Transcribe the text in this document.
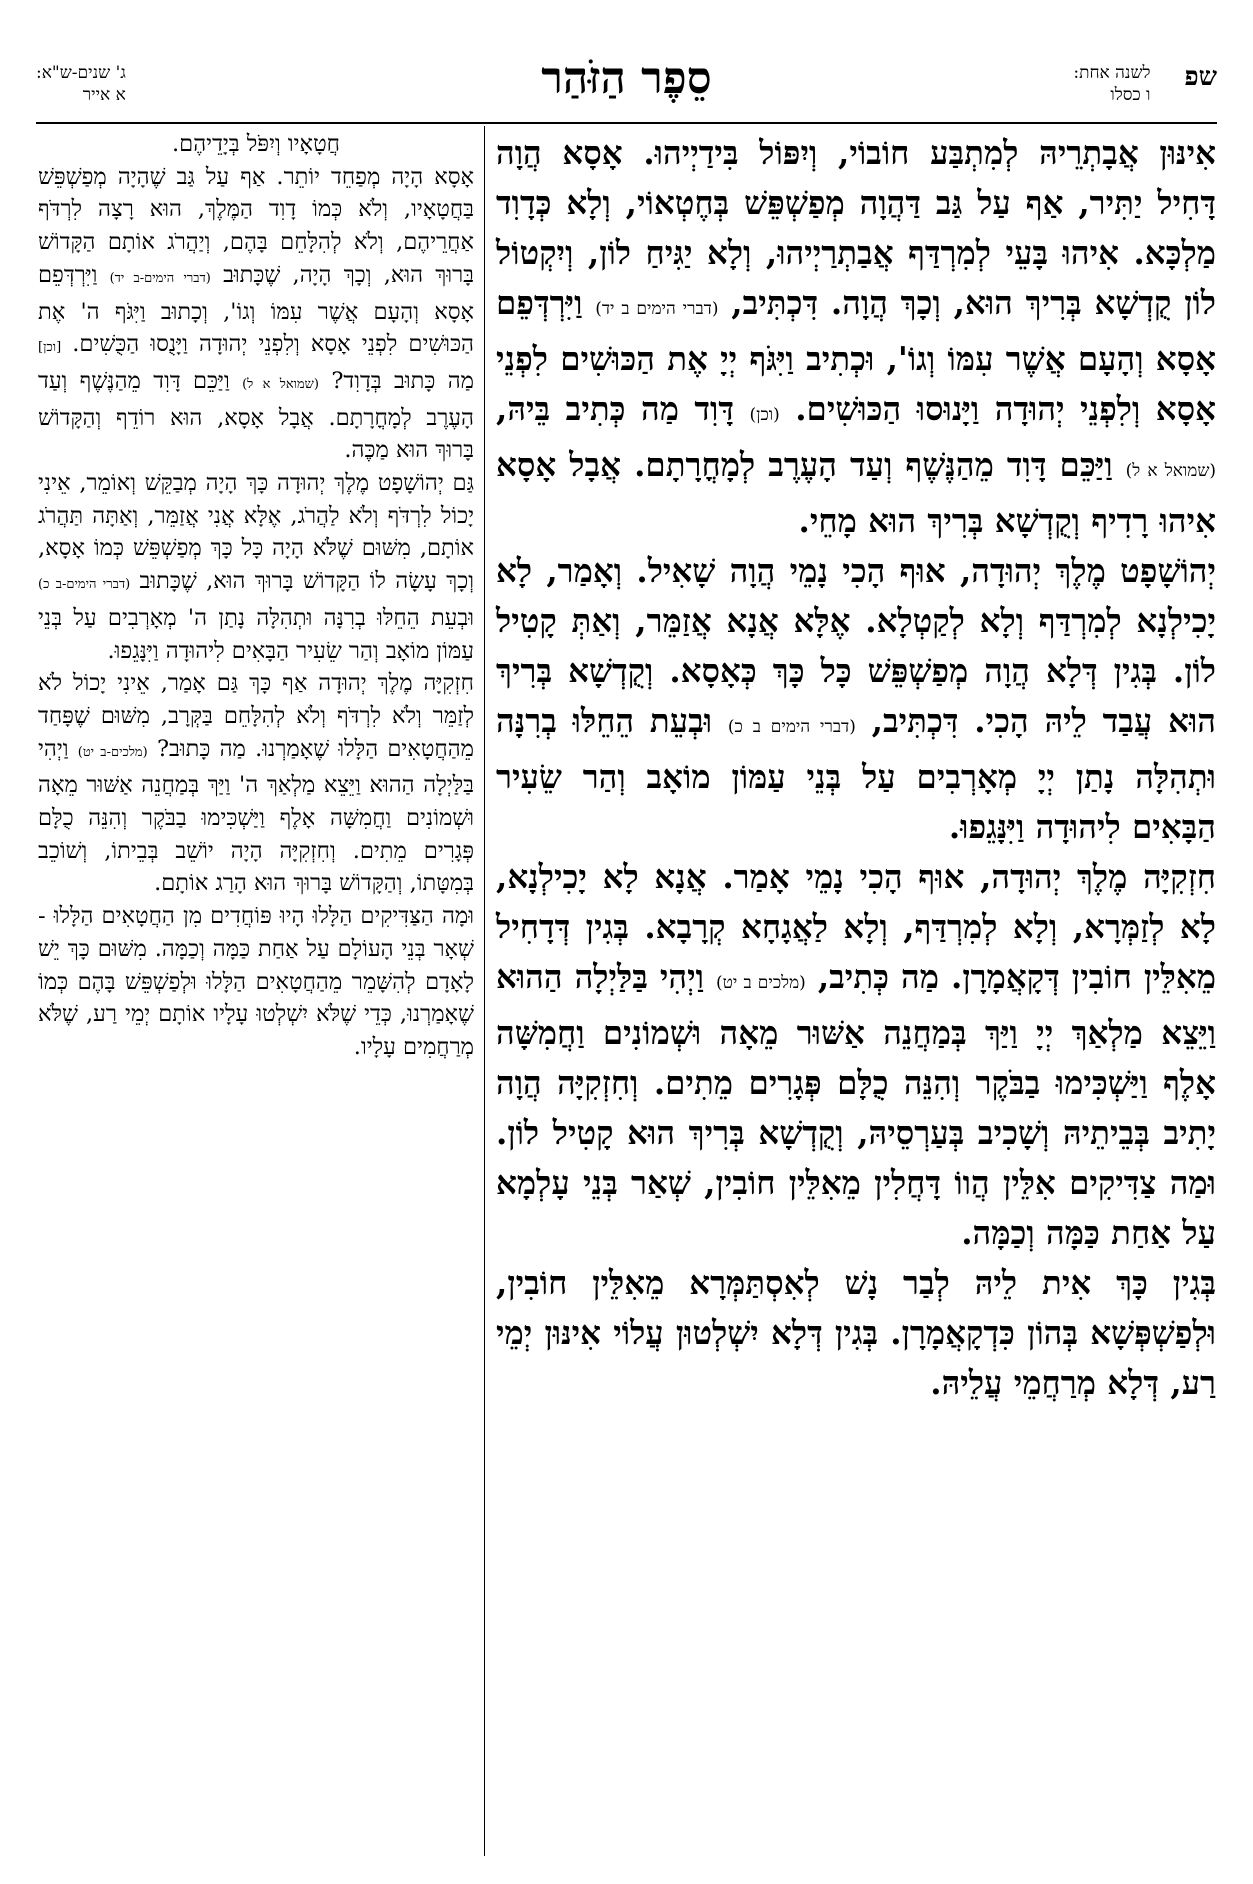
שפ לשנה אחת:
ו כסלו
סֵפֶר הַזֹּהַר
ג' שנים-ש"א:
א אייר

אִינּוּן אֲבָתְרֵיהּ לְמִתְבַּע חוֹבוֹי, וְיִפּוֹל בִּידַיְיהוּ. אָסָא הֲוָה דָּחִיל יַתִּיר, אַף עַל גַּב דַּהֲוָה מְפַשְׁפֵּשׁ בְּחֶטְאוֹי, וְלָא כְּדָוִד מַלְכָּא. אִיהוּ בָּעֵי לְמִרְדַּף אֲבַתְרַיְיהוּ, וְלָא יַגִּיחַ לוֹן, וְיִקְטוֹל לוֹן קֻדְשָׁא בְּרִיךְ הוּא, וְכָךְ הֲוָה. דִּכְתִּיב, (דברי הימים ב יד) וַיִּרְדְּפֵם אָסָא וְהָעָם אֲשֶׁר עִמּוֹ וְגוֹ', וּכְתִיב וַיִּגֹּף יְיָ אֶת הַכּוּשִׁים לִפְנֵי אָסָא וְלִפְנֵי יְהוּדָה וַיָּנוּסוּ הַכּוּשִׁים. (וכן) דָּוִד מַה כְּתִיב בֵּיהּ, (שמואל א ל) וַיַּכֵּם דָּוִד מֵהַנֶּשֶׁף וְעַד הָעֶרֶב לְמָחֳרָתָם. אֲבָל אָסָא אִיהוּ רָדִיף וְקֻדְשָׁא בְּרִיךְ הוּא מָחֵי.

יְהוֹשָׁפָט מֶלֶךְ יְהוּדָה, אוּף הָכִי נָמֵי הֲוָה שָׁאִיל. וְאָמַר, לָא יָכִילְנָא לְמִרְדַּף וְלָא לְקַטְלָא. אֶלָּא אֲנָא אֲזַמֵּר, וְאַתְּ קָטִיל לוֹן. בְּגִין דְּלָא הֲוָה מְפַשְׁפֵּשׁ כָּל כָּךְ כְּאָסָא. וְקֻדְשָׁא בְּרִיךְ הוּא עֲבַד לֵיהּ הָכִי. דִּכְתִּיב, (דברי הימים ב כ) וּבְעֵת הֵחֵלּוּ בְרִנָּה וּתְהִלָּה נָתַן יְיָ מְאָרְבִים עַל בְּנֵי עַמּוֹן מוֹאָב וְהַר שֵׂעִיר הַבָּאִים לִיהוּדָה וַיִּנָּגֵפוּ.

חִזְקִיָּה מֶלֶךְ יְהוּדָה, אוּף הָכִי נָמֵי אָמַר. אֲנָא לָא יָכִילְנָא, לָא לְזַמְּרָא, וְלָא לְמִרְדַּף, וְלָא לַאֲגָחָא קְרָבָא. בְּגִין דְּדָחִיל מֵאִלֵּין חוֹבִין דְּקָאֲמָרָן. מַה כְּתִיב, (מלכים ב יט) וַיְהִי בַּלַּיְלָה הַהוּא וַיֵּצֵא מַלְאַךְ יְיָ וַיַּךְ בְּמַחֲנֵה אַשּׁוּר מֵאָה וּשְׁמוֹנִים וַחֲמִשָּׁה אָלֶף וַיַּשְׁכִּימוּ בַבֹּקֶר וְהִנֵּה כֻלָּם פְּגָרִים מֵתִים. וְחִזְקִיָּה הֲוָה יָתִיב בְּבֵיתֵיהּ וְשָׁכִיב בְּעַרְסֵיהּ, וְקֻדְשָׁא בְּרִיךְ הוּא קָטִיל לוֹן. וּמַה צַדִּיקִים אִלֵּין הֲווֹ דָּחֲלִין מֵאִלֵּין חוֹבִין, שְׁאַר בְּנֵי עָלְמָא עַל אַחַת כַּמָּה וְכַמָּה.

בְּגִין כָּךְ אִית לֵיהּ לְבַר נָשׁ לְאִסְתַּמְּרָא מֵאִלֵּין חוֹבִין, וּלְפַשְׁפְּשָׁא בְּהוֹן כִּדְקָאֲמָרָן. בְּגִין דְּלָא יִשְׁלְטוּן עֲלוֹי אִינּוּן יְמֵי רַע, דְּלָא מְרַחֲמֵי עֲלֵיהּ.

חֲטָאָיו וְיִפֹּל בְּיָדֵיהֶם.

אָסָא הָיָה מְפַחֵד יוֹתֵר. אַף עַל גַּב שֶׁהָיָה מְפַשְׁפֵּשׁ בַּחֲטָאָיו, וְלֹא כְּמוֹ דָוִד הַמֶּלֶךְ, הוּא רָצָה לִרְדֹּף אַחֲרֵיהֶם, וְלֹא לְהִלָּחֵם בָּהֶם, וְיַהֲרֹג אוֹתָם הַקָּדוֹשׁ בָּרוּךְ הוּא, וְכָךְ הָיָה, שֶׁכָּתוּב (דברי הימים-ב יד) וַיִּרְדְּפֵם אָסָא וְהָעָם אֲשֶׁר עִמּוֹ וְגוֹ', וְכָתוּב וַיִּגֹּף ה' אֶת הַכּוּשִׁים לִפְנֵי אָסָא וְלִפְנֵי יְהוּדָה וַיָּנֻסוּ הַכֻּשִׁים. [וכן] מַה כָּתוּב בְּדָוִד? (שמואל א ל) וַיַּכֵּם דָּוִד מֵהַנֶּשֶׁף וְעַד הָעֶרֶב לְמָחֳרָתָם. אֲבָל אָסָא, הוּא רוֹדֵף וְהַקָּדוֹשׁ בָּרוּךְ הוּא מַכֶּה.

גַּם יְהוֹשָׁפָט מֶלֶךְ יְהוּדָה כָּךְ הָיָה מְבַקֵּשׁ וְאוֹמֵר, אֵינִי יָכוֹל לִרְדֹּף וְלֹא לַהֲרֹג, אֶלָּא אֲנִי אֲזַמֵּר, וְאַתָּה תַּהֲרֹג אוֹתָם, מִשּׁוּם שֶׁלֹּא הָיָה כָּל כָּךְ מְפַשְׁפֵּשׁ כְּמוֹ אָסָא, וְכָךְ עָשָׂה לוֹ הַקָּדוֹשׁ בָּרוּךְ הוּא, שֶׁכָּתוּב (דברי הימים-ב כ) וּבְעֵת הֵחֵלּוּ בְרִנָּה וּתְהִלָּה נָתַן ה' מְאָרְבִים עַל בְּנֵי עַמּוֹן מוֹאָב וְהַר שֵׂעִיר הַבָּאִים לִיהוּדָה וַיִּנָּגֵפוּ.

חִזְקִיָּה מֶלֶךְ יְהוּדָה אַף כָּךְ גַּם אָמַר, אֵינִי יָכוֹל לֹא לְזַמֵּר וְלֹא לִרְדֹּף וְלֹא לְהִלָּחֵם בַּקְּרָב, מִשּׁוּם שֶׁפָּחַד מֵהַחֲטָאִים הַלָּלוּ שֶׁאָמַרְנוּ. מַה כָּתוּב? (מלכים-ב יט) וַיְהִי בַּלַּיְלָה הַהוּא וַיֵּצֵא מַלְאַךְ ה' וַיַּךְ בְּמַחֲנֵה אַשּׁוּר מֵאָה וּשְׁמוֹנִים וַחֲמִשָּׁה אָלֶף וַיַּשְׁכִּימוּ בַבֹּקֶר וְהִנֵּה כֻלָּם פְּגָרִים מֵתִים. וְחִזְקִיָּה הָיָה יוֹשֵׁב בְּבֵיתוֹ, וְשׁוֹכֵב בְּמִטָּתוֹ, וְהַקָּדוֹשׁ בָּרוּךְ הוּא הָרַג אוֹתָם.

וּמָה הַצַּדִּיקִים הַלָּלוּ הָיוּ פּוֹחֲדִים מִן הַחֲטָאִים הַלָּלוּ - שְׁאָר בְּנֵי הָעוֹלָם עַל אַחַת כַּמָּה וְכַמָּה. מִשּׁוּם כָּךְ יֵשׁ לָאָדָם לְהִשָּׁמֵר מֵהַחֲטָאִים הַלָּלוּ וּלְפַשְׁפֵּשׁ בָּהֶם כְּמוֹ שֶׁאָמַרְנוּ, כְּדֵי שֶׁלֹּא יִשְׁלְטוּ עָלָיו אוֹתָם יְמֵי רַע, שֶׁלֹּא מְרַחֲמִים עָלָיו.
